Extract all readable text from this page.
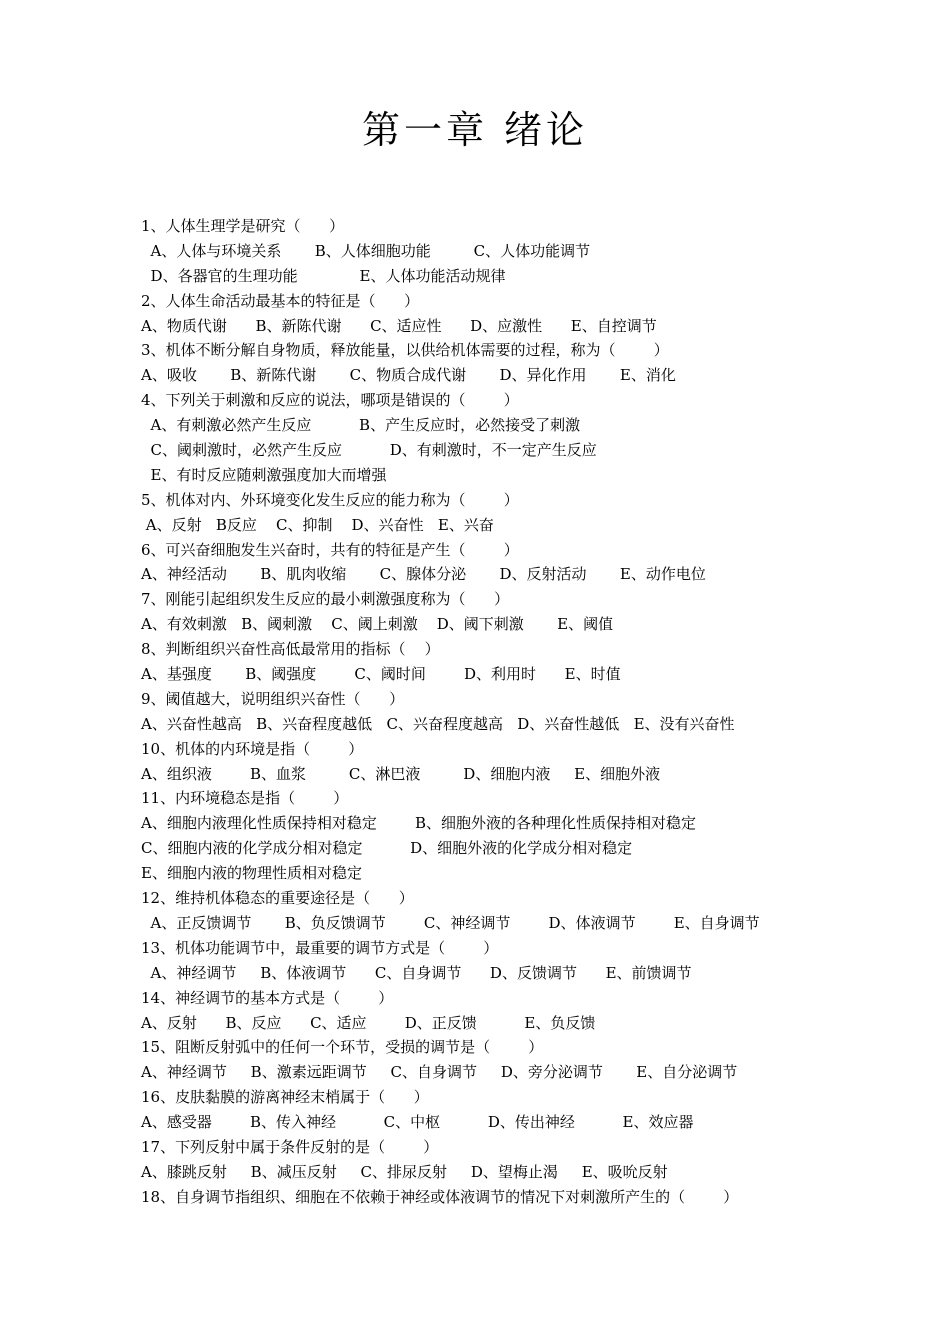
第一章 绪论
1、人体生理学是研究（      ）
A、人体与环境关系       B、人体细胞功能         C、人体功能调节
D、各器官的生理功能             E、人体功能活动规律
2、人体生命活动最基本的特征是（      ）
A、物质代谢      B、新陈代谢      C、适应性      D、应激性      E、自控调节
3、机体不断分解自身物质，释放能量，以供给机体需要的过程，称为（        ）
A、吸收       B、新陈代谢       C、物质合成代谢       D、异化作用       E、消化
4、下列关于刺激和反应的说法，哪项是错误的（        ）
A、有刺激必然产生反应          B、产生反应时，必然接受了刺激
C、阈刺激时，必然产生反应          D、有刺激时，不一定产生反应
E、有时反应随刺激强度加大而增强
5、机体对内、外环境变化发生反应的能力称为（        ）
A、反射   B反应    C、抑制    D、兴奋性   E、兴奋
6、可兴奋细胞发生兴奋时，共有的特征是产生（        ）
A、神经活动       B、肌肉收缩       C、腺体分泌       D、反射活动       E、动作电位
7、刚能引起组织发生反应的最小刺激强度称为（      ）
A、有效刺激   B、阈刺激    C、阈上刺激    D、阈下刺激       E、阈值
8、判断组织兴奋性高低最常用的指标（    ）
A、基强度       B、阈强度        C、阈时间        D、利用时      E、时值
9、阈值越大，说明组织兴奋性（      ）
A、兴奋性越高   B、兴奋程度越低   C、兴奋程度越高   D、兴奋性越低   E、没有兴奋性
10、机体的内环境是指（        ）
A、组织液        B、血浆         C、淋巴液         D、细胞内液     E、细胞外液
11、内环境稳态是指（        ）
A、细胞内液理化性质保持相对稳定        B、细胞外液的各种理化性质保持相对稳定
C、细胞内液的化学成分相对稳定          D、细胞外液的化学成分相对稳定
E、细胞内液的物理性质相对稳定
12、维持机体稳态的重要途径是（      ）
A、正反馈调节       B、负反馈调节        C、神经调节        D、体液调节        E、自身调节
13、机体功能调节中，最重要的调节方式是（        ）
A、神经调节     B、体液调节      C、自身调节      D、反馈调节      E、前馈调节
14、神经调节的基本方式是（        ）
A、反射      B、反应      C、适应        D、正反馈          E、负反馈
15、阻断反射弧中的任何一个环节，受损的调节是（        ）
A、神经调节     B、激素远距调节     C、自身调节     D、旁分泌调节       E、自分泌调节
16、皮肤黏膜的游离神经末梢属于（      ）
A、感受器        B、传入神经          C、中枢          D、传出神经          E、效应器
17、下列反射中属于条件反射的是（        ）
A、膝跳反射     B、减压反射     C、排尿反射     D、望梅止渴     E、吸吮反射
18、自身调节指组织、细胞在不依赖于神经或体液调节的情况下对刺激所产生的（        ）
